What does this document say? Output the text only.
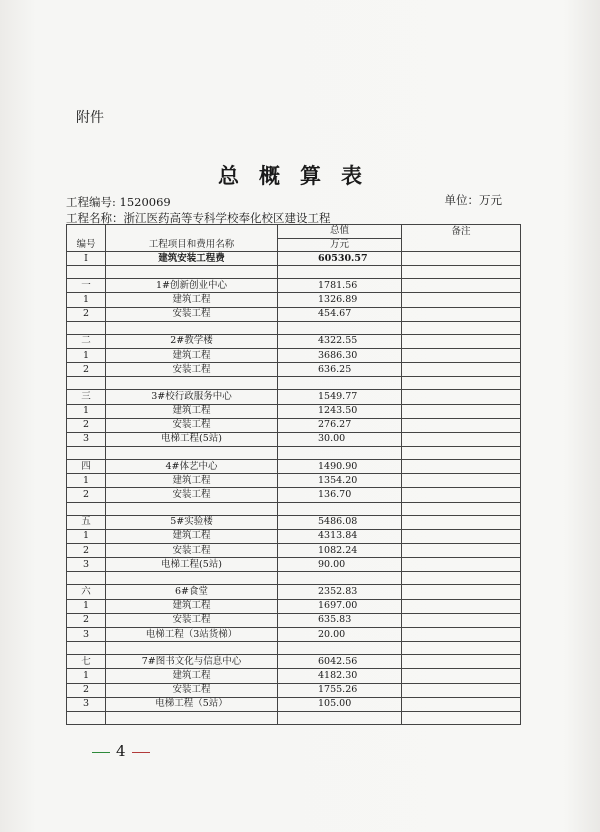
附件
总概算表
工程编号: 1520069	单位：万元
工程名称：浙江医药高等专科学校奉化校区建设工程
		总值	备注
编号	工程项目和费用名称	万元	
I	建筑安装工程费	60530.57	

一	1#创新创业中心	1781.56	
1	建筑工程	1326.89	
2	安装工程	454.67	

二	2#教学楼	4322.55	
1	建筑工程	3686.30	
2	安装工程	636.25	

三	3#校行政服务中心	1549.77	
1	建筑工程	1243.50	
2	安装工程	276.27	
3	电梯工程(5站)	30.00	

四	4#体艺中心	1490.90	
1	建筑工程	1354.20	
2	安装工程	136.70	

五	5#实验楼	5486.08	
1	建筑工程	4313.84	
2	安装工程	1082.24	
3	电梯工程(5站)	90.00	

六	6#食堂	2352.83	
1	建筑工程	1697.00	
2	安装工程	635.83	
3	电梯工程（3站货梯）	20.00	

七	7#图书文化与信息中心	6042.56	
1	建筑工程	4182.30	
2	安装工程	1755.26	
3	电梯工程（5站）	105.00	

4
